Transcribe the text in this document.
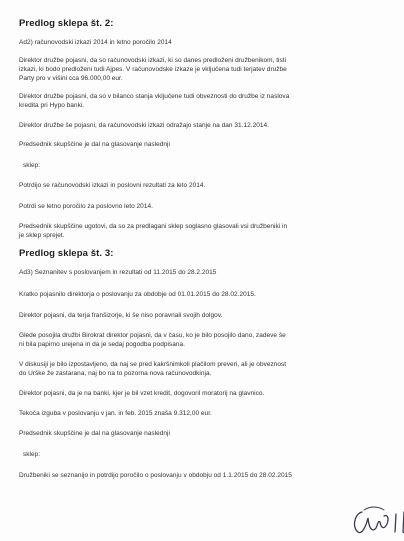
Predlog sklepa št. 2:
Ad2) računovodski izkazi 2014 in letno poročilo 2014
Direktor družbe pojasni, da so računovodski izkazi, ki so danes predloženi družbenikom, tisti
izkazi, ki bodo predloženi tudi Ajpes. V računovodske izkaze je vključena tudi terjatev družbe
Party pro v višini cca 96.000,00 eur.
Direktor družbe pojasni, da so v bilanco stanja vključene tudi obveznosti do družbe iz naslova
kredita pri Hypo banki.
Direktor družbe še pojasni, da računovodski izkazi odražajo stanje na dan 31.12.2014.
Predsednik skupščine je dal na glasovanje naslednji
sklep:
Potrdijo se računovodski izkazi in poslovni rezultati za leto 2014.
Potrdi se letno poročilo za poslovno leto 2014.
Predsednik skupščine ugotovi, da so za predlagani sklep soglasno glasovali vsi družbeniki in
je sklep sprejet.
Predlog sklepa št. 3:
Ad3) Seznanitev s poslovanjem in rezultati od 11.2015 do 28.2.2015
Kratko pojasnilo direktorja o poslovanju za obdobje od 01.01.2015 do 28.02.2015.
Direktor pojasni, da terja franšizorje, ki še niso poravnali svojih dolgov.
Glede posojila družbi Birokrat direktor pojasni, da v času, ko je bilo posojilo dano, zadeve še
ni bila papirno urejena in da je sedaj pogodba podpisana.
V diskusiji je bilo izpostavljeno, da naj se pred kakršnimkoli plačilom preveri, ali je obveznost
do Urške že zastarana, naj bo na to pozorna nova računovodkinja.
Direktor pojasni, da je na banki, kjer je bil vzet kredit, dogovoril moratorij na glavnico.
Tekoča izguba v poslovanju v jan. in feb. 2015 znaša 9.312,00 eur.
Predsednik skupščine je dal na glasovanje naslednji
sklep:
Družbeniki se seznanijo in potrdijo poročilo o poslovanju v obdobju od 1.1.2015 do 28.02.2015
